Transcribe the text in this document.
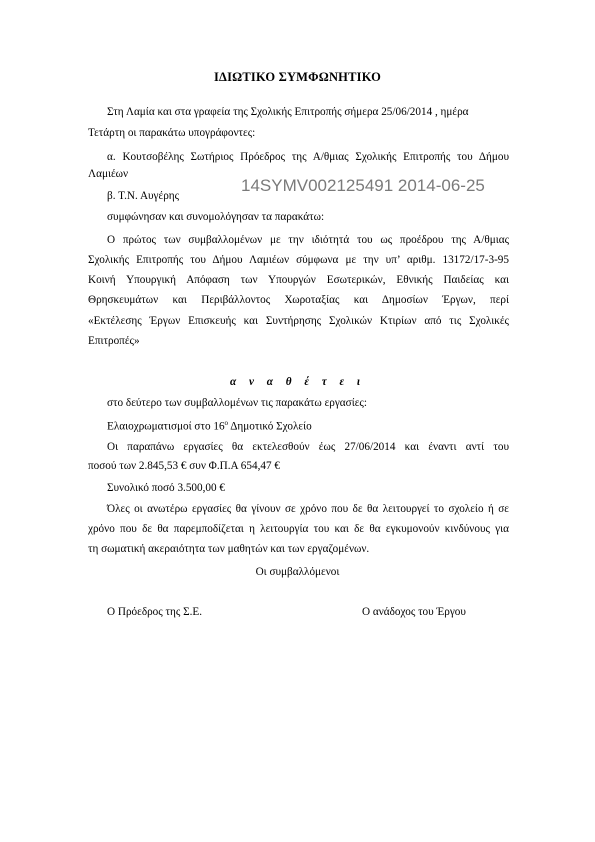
ΙΔΙΩΤΙΚΟ ΣΥΜΦΩΝΗΤΙΚΟ
Στη Λαμία και στα γραφεία της Σχολικής Επιτροπής σήμερα 25/06/2014 , ημέρα
Τετάρτη οι παρακάτω υπογράφοντες:
α. Κουτσοβέλης Σωτήριος Πρόεδρος της Α/θμιας Σχολικής Επιτροπής του Δήμου
Λαμιέων
β. Τ.Ν. Αυγέρης
14SYMV002125491 2014-06-25
συμφώνησαν και συνομολόγησαν τα παρακάτω:
Ο πρώτος των συμβαλλομένων με την ιδιότητά του ως προέδρου της Α/θμιας
Σχολικής Επιτροπής του Δήμου Λαμιέων σύμφωνα με την υπ’ αριθμ. 13172/17-3-95
Κοινή Υπουργική Απόφαση των Υπουργών Εσωτερικών, Εθνικής Παιδείας και
Θρησκευμάτων και Περιβάλλοντος Χωροταξίας και Δημοσίων Έργων, περί
«Εκτέλεσης Έργων Επισκευής και Συντήρησης Σχολικών Κτιρίων από τις Σχολικές
Επιτροπές»
α ν α θ έ τ ε ι
στο δεύτερο των συμβαλλομένων τις παρακάτω εργασίες:
Ελαιοχρωματισμοί στο $16^o$ Δημοτικό Σχολείο
Οι παραπάνω εργασίες θα εκτελεσθούν έως 27/06/2014 και έναντι αντί του
ποσού των 2.845,53 € συν Φ.Π.Α 654,47 €
Συνολικό ποσό 3.500,00 €
Όλες οι ανωτέρω εργασίες θα γίνουν σε χρόνο που δε θα λειτουργεί το σχολείο ή σε
χρόνο που δε θα παρεμποδίζεται η λειτουργία του και δε θα εγκυμονούν κινδύνους για
τη σωματική ακεραιότητα των μαθητών και των εργαζομένων.
Οι συμβαλλόμενοι
Ο Πρόεδρος της Σ.Ε.	Ο ανάδοχος του Έργου
